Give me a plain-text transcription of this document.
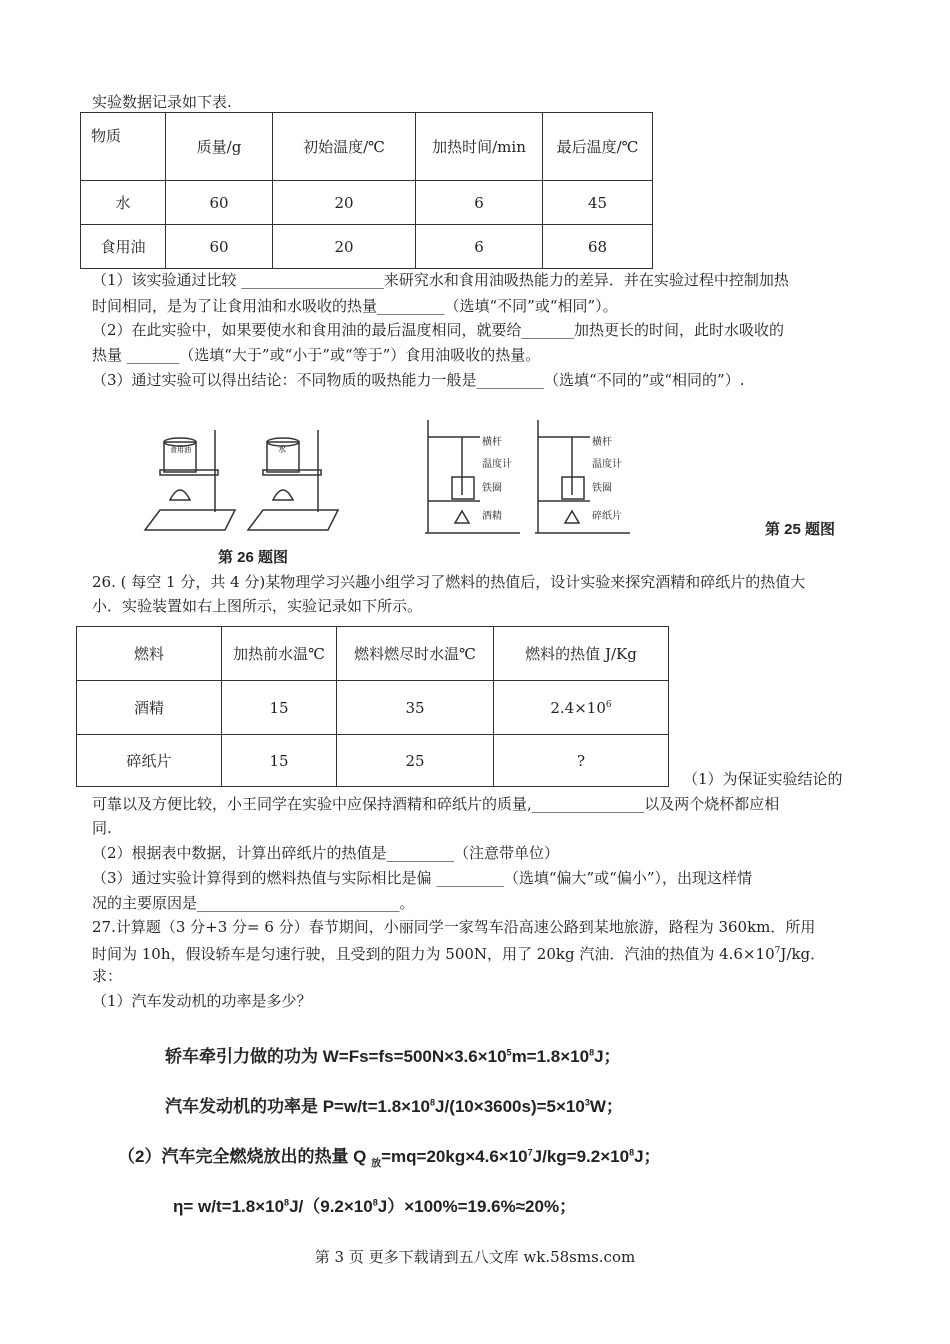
实验数据记录如下表.
物质	质量/g	初始温度/℃	加热时间/min	最后温度/℃
水	60	20	6	45
食用油	60	20	6	68
（1）该实验通过比较 ___________________来研究水和食用油吸热能力的差异．并在实验过程中控制加热
时间相同，是为了让食用油和水吸收的热量_________（选填“不同”或“相同”）。
（2）在此实验中，如果要使水和食用油的最后温度相同，就要给_______加热更长的时间，此时水吸收的
热量 _______（选填“大于”或“小于”或“等于”）食用油吸收的热量。
（3）通过实验可以得出结论：不同物质的吸热能力一般是_________（选填“不同的”或“相同的”）.
食用油	水
横杆
温度计
铁圈
酒精
横杆
温度计
铁圈
碎纸片
第 25 题图
第 26 题图
26. ( 每空 1 分，共 4 分)某物理学习兴趣小组学习了燃料的热值后，设计实验来探究酒精和碎纸片的热值大
小．实验装置如右上图所示，实验记录如下所示。
燃料	加热前水温℃	燃料燃尽时水温℃	燃料的热值 J/Kg
酒精	15	35	$2.4\times 10^6$
碎纸片	15	25	?
（1）为保证实验结论的
可靠以及方便比较，小王同学在实验中应保持酒精和碎纸片的质量,_______________以及两个烧杯都应相
同.
（2）根据表中数据，计算出碎纸片的热值是_________（注意带单位）
（3）通过实验计算得到的燃料热值与实际相比是偏 _________（选填“偏大”或“偏小”），出现这样情
况的主要原因是___________________________。
27.计算题（3 分+3 分= 6 分）春节期间，小丽同学一家驾车沿高速公路到某地旅游，路程为 360km．所用
时间为 10h，假设轿车是匀速行驶，且受到的阻力为 500N，用了 20kg 汽油．汽油的热值为 $4.6\times 10^7J/kg$．
求：
（1）汽车发动机的功率是多少？
轿车牵引力做的功为 $W=Fs=fs=500N\times 3.6\times 10^5m=1.8\times 10^8J$；
汽车发动机的功率是 $P=w/t=1.8\times 10^8J/(10\times 3600s)=5\times 10^3W$；
（2）汽车完全燃烧放出的热量 Q $_放=mq=20kg\times 4.6\times 10^7J/kg=9.2\times 10^8J$；
$\eta= w/t=1.8\times 10^8J/(9.2\times 10^8J)\times 100\%=19.6\%\approx 20\%$；
第 3 页 更多下载请到五八文库 wk.58sms.com
